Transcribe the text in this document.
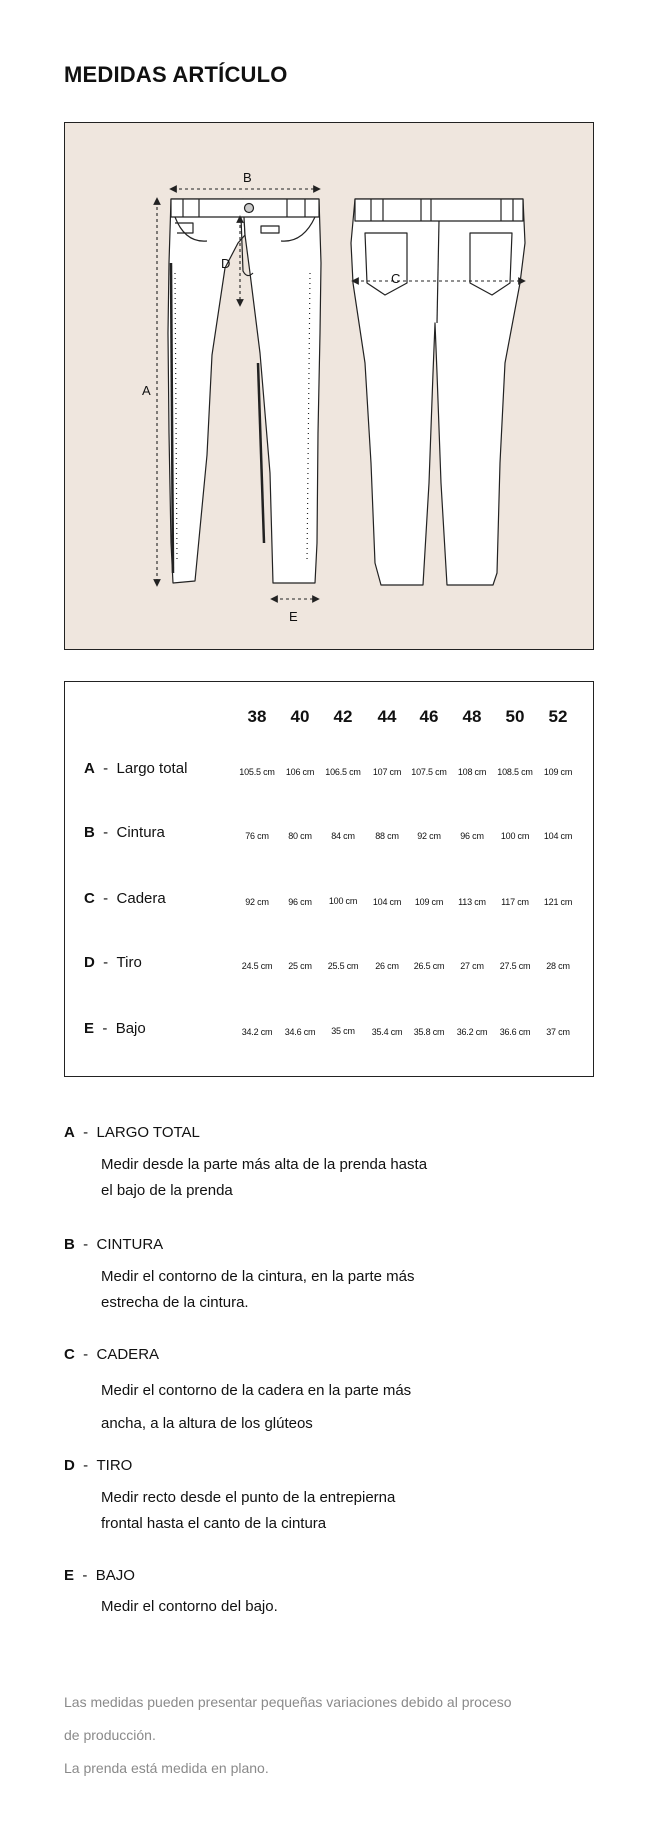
MEDIDAS ARTÍCULO
A
B
C
D
E
38	40	42	44	46	48	50	52
A  -  Largo total	105.5 cm	106 cm	106.5 cm	107 cm	107.5 cm	108 cm	108.5 cm	109 cm
B  -  Cintura	76 cm	80 cm	84 cm	88 cm	92 cm	96 cm	100 cm	104 cm
C  -  Cadera	92 cm	96 cm	100 cm	104 cm	109 cm	113 cm	117 cm	121 cm
D  -  Tiro	24.5 cm	25 cm	25.5 cm	26 cm	26.5 cm	27 cm	27.5 cm	28 cm
E  -  Bajo	34.2 cm	34.6 cm	35 cm	35.4 cm	35.8 cm	36.2 cm	36.6 cm	37 cm
A  -  LARGO TOTAL

Medir desde la parte más alta de la prenda hasta
el bajo de la prenda

B  -  CINTURA

Medir el contorno de la cintura, en la parte más
estrecha de la cintura.

C  -  CADERA

Medir el contorno de la cadera en la parte más
ancha, a la altura de los glúteos

D  -  TIRO

Medir recto desde el punto de la entrepierna
frontal hasta el canto de la cintura

E  -  BAJO

Medir el contorno del bajo.

Las medidas pueden presentar pequeñas variaciones debido al proceso
de producción.
La prenda está medida en plano.
